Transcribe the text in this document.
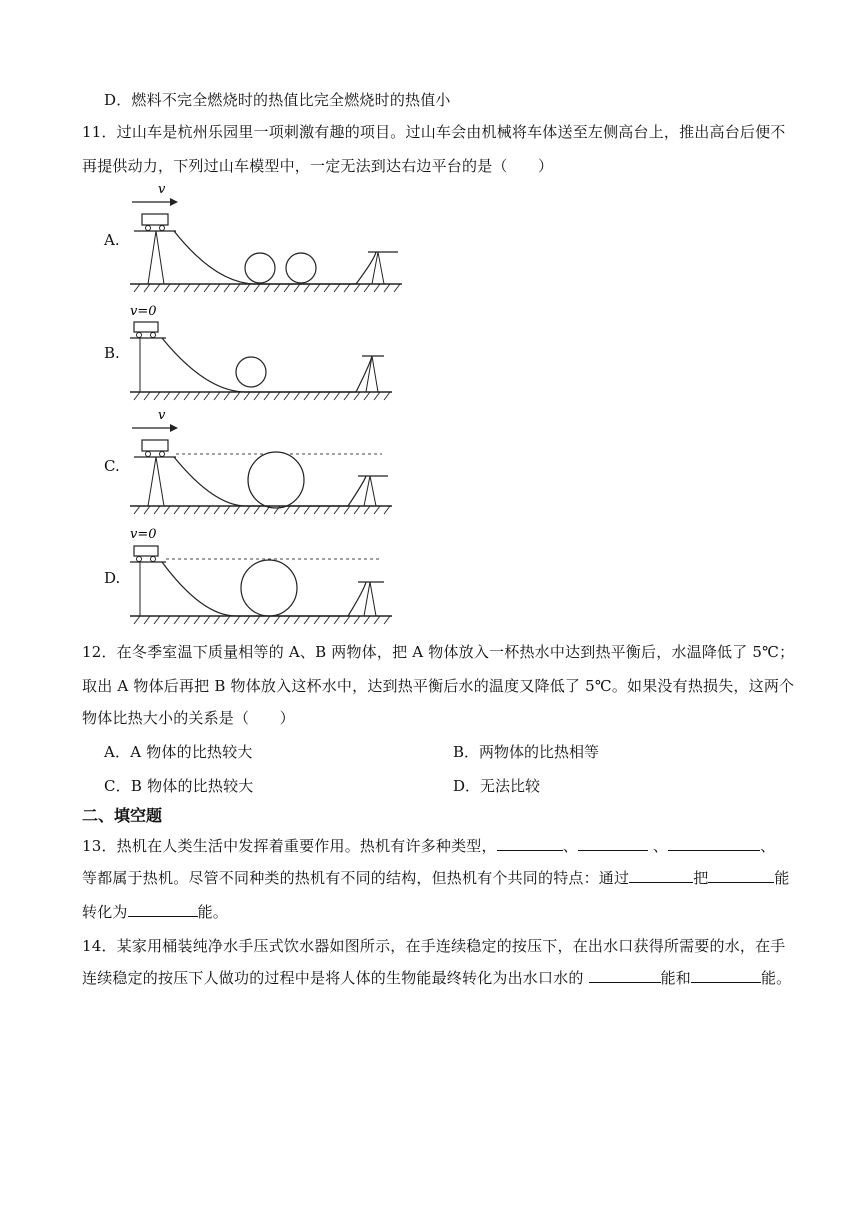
D．燃料不完全燃烧时的热值比完全燃烧时的热值小
11．过山车是杭州乐园里一项刺激有趣的项目。过山车会由机械将车体送至左侧高台上，推出高台后便不
再提供动力，下列过山车模型中，一定无法到达右边平台的是（　　）
A.
v
B.
v=0
C.
v
D.
v=0
12．在冬季室温下质量相等的 A、B 两物体，把 A 物体放入一杯热水中达到热平衡后，水温降低了 5℃；
取出 A 物体后再把 B 物体放入这杯水中，达到热平衡后水的温度又降低了 5℃。如果没有热损失，这两个
物体比热大小的关系是（　　）
A．A 物体的比热较大	B．两物体的比热相等
C．B 物体的比热较大	D．无法比较
二、填空题
13．热机在人类生活中发挥着重要作用。热机有许多种类型，	、	、	、
等都属于热机。尽管不同种类的热机有不同的结构，但热机有个共同的特点：通过	把	能
转化为	能。
14．某家用桶装纯净水手压式饮水器如图所示，在手连续稳定的按压下，在出水口获得所需要的水，在手
连续稳定的按压下人做功的过程中是将人体的生物能最终转化为出水口水的	能和	能。
